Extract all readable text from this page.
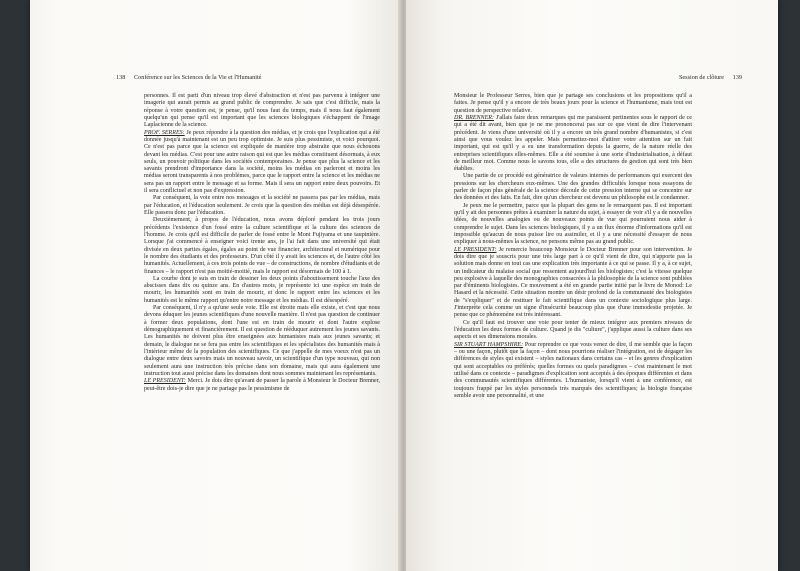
138 Conférence sur les Sciences de la Vie et l'Humanité

personnes. Il est parti d'un niveau trop élevé d'abstraction et n'est pas parvenu à intégrer une imagerie qui aurait permis au grand public de comprendre. Je sais que c'est difficile, mais la réponse à votre question est, je pense, qu'il nous faut du temps, mais il nous faut également quelqu'un qui pense qu'il est important que les sciences biologiques s'échappent de l'image Laplacienne de la science.

PROF. SERRES: Je peux répondre à la question des médias, et je crois que l'explication qui a été donnée jusqu'à maintenant est un peu trop optimiste. Je suis plus pessimiste, et voici pourquoi. Ce n'est pas parce que la science est expliquée de manière trop abstraite que nous échouons devant les médias. C'est pour une autre raison qui est que les médias constituent désormais, à eux seuls, un pouvoir politique dans les sociétés contemporaines. Je pense que plus la science et les savants prendront d'importance dans la société, moins les médias en parleront et moins les médias seront transparents à nos problèmes, parce que le rapport entre la science et les médias ne sera pas un rapport entre le message et sa forme. Mais il sera un rapport entre deux pouvoirs. Et il sera conflictuel et non pas d'expression.

Par conséquent, la voie entre nos messages et la société ne passera pas par les médias, mais par l'éducation, et l'éducation seulement. Je crois que la question des médias est déjà désespérée. Elle passera donc par l'éducation.

Deuxièmement, à propos de l'éducation, nous avons déploré pendant les trois jours précédents l'existence d'un fossé entre la culture scientifique et la culture des sciences de l'homme. Je crois qu'il est difficile de parler de fossé entre le Mont Fujiyama et une taupinière. Lorsque j'ai commencé à enseigner voici trente ans, je l'ai fait dans une université qui était divisée en deux parties égales, égales au point de vue financier, architectural et numérique pour le nombre des étudiants et des professeurs. D'un côté il y avait les sciences et, de l'autre côté les humanités. Actuellement, à ces trois points de vue – de constructions, de nombre d'étudiants et de finances – le rapport n'est pas moitié-moitié, mais le rapport est désormais de 100 à 1.

La courbe dont je suis en train de dessiner les deux points d'aboutissement touche l'axe des abscisses dans dix ou quinze ans. En d'autres mots, je représente ici une espèce en train de mourir, les humanités sont en train de mourir, et donc le rapport entre les sciences et les humanités est le même rapport qu'entre notre message et les médias. Il est désespéré.

Par conséquent, il n'y a qu'une seule voie. Elle est étroite mais elle existe, et c'est que nous devons éduquer les jeunes scientifiques d'une nouvelle manière. Il n'est pas question de continuer à former deux populations, dont l'une est en train de mourir et dont l'autre explose démographiquement et financièrement. Il est question de rééduquer autrement les jeunes savants. Les humanités ne doivent plus être enseignées aux humanistes mais aux jeunes savants; et demain, le dialogue ne se fera pas entre les scientifiques et les spécialistes des humanités mais à l'intérieur même de la population des scientifiques. Ce que j'appelle de mes voeux n'est pas un dialogue entre deux savoirs mais un nouveau savoir, un scientifique d'un type nouveau, qui non seulement aura une instruction très précise dans son domaine, mais qui aura également une instruction tout aussi précise dans les domaines dont nous sommes maintenant les représentants.

LE PRESIDENT: Merci. Je dois dire qu'avant de passer la parole à Monsieur le Docteur Brenner, peut-être dois-je dire que je ne partage pas le pessimisme de

Session de clôture 139

Monsieur le Professeur Serres, bien que je partage ses conclusions et les propositions qu'il a faites. Je pense qu'il y a encore de très beaux jours pour la science et l'humanisme, mais tout est question de perspective relative.

DR. BRENNER: J'allais faire deux remarques qui me paraissent pertinentes sous le rapport de ce qui a été dit avant, bien que je ne me prononcerai pas sur ce que vient de dire l'intervenant précédent. Je viens d'une université où il y a encore un très grand nombre d'humanistes, si c'est ainsi que vous voulez les appeler. Mais permettez-moi d'attirer votre attention sur un fait important, qui est qu'il y a eu une transformation depuis la guerre, de la nature réelle des entreprises scientifiques elles-mêmes. Elle a été soumise à une sorte d'industrialisation, à défaut de meilleur mot. Comme nous le savons tous, elle a des structures de gestion qui sont très bien établies.

Une partie de ce procédé est génératrice de valeurs internes de performances qui exercent des pressions sur les chercheurs eux-mêmes. Une des grandes difficultés lorsque nous essayons de parler de façon plus générale de la science découle de cette pression interne qui se concentre sur des données et des faits. En fait, dire qu'un chercheur est devenu un philosophe est le condamner.

Je peux me le permettre, parce que la plupart des gens ne le remarquent pas. Il est important qu'il y ait des personnes prêtes à examiner la nature du sujet, à essayer de voir s'il y a de nouvelles idées, de nouvelles analogies ou de nouveaux points de vue qui pourraient nous aider à comprendre le sujet. Dans les sciences biologiques, il y a un flux énorme d'informations qu'il est impossible qu'aucun de nous puisse lire ou assimiler, et il y a une nécessité d'essayer de nous expliquer à nous-mêmes la science, ne pensons même pas au grand public.

LE PRESIDENT: Je remercie beaucoup Monsieur le Docteur Brenner pour son intervention. Je dois dire que je souscris pour une très large part à ce qu'il vient de dire, qui n'apporte pas la solution mais donne en tout cas une explication très importante à ce qui se passe. Il y a, à ce sujet, un indicateur du malaise social que ressentent aujourd'hui les biologistes; c'est la vitesse quelque peu explosive à laquelle des monographies consacrées à la philosophie de la science sont publiées par d'éminents biologistes. Ce mouvement a été en grande partie initié par le livre de Monod: Le Hasard et la nécessité. Cette situation montre un désir profond de la communauté des biologistes de "s'expliquer" et de restituer le fait scientifique dans un contexte sociologique plus large. J'interprète cela comme un signe d'insécurité beaucoup plus que d'une immodestie projetée. Je pense que ce phénomène est très intéressant.

Ce qu'il faut est trouver une voie pour tenter de mieux intégrer aux premiers niveaux de l'éducation les deux formes de culture. Quand je dis "culture", j'applique aussi la culture dans ses aspects et ses dimensions morales.

SIR STUART HAMPSHIRE: Pour reprendre ce que vous venez de dire, il me semble que la façon – ou une façon, plutôt que la façon – dont nous pourrions réaliser l'intégration, est de dégager les différences de styles qui existent – styles nationaux dans certains cas – et les genres d'explication qui sont acceptables ou préférés; quelles formes ou quels paradigmes – c'est maintenant le mot utilisé dans ce contexte – paradigmes d'explication sont acceptés à des époques différentes et dans des communautés scientifiques différentes. L'humaniste, lorsqu'il vient à une conférence, est toujours frappé par les styles personnels très marqués des scientifiques; la biologie française semble avoir une personnalité, et une
